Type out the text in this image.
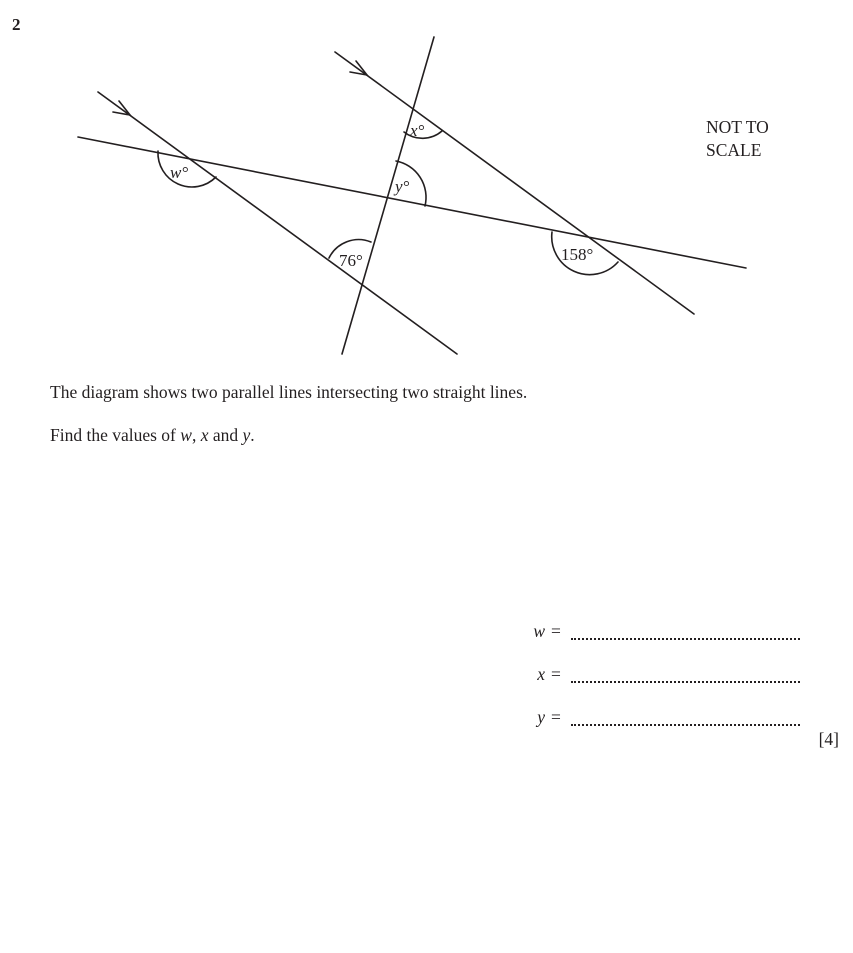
2
w°
x°
y°
76°	158°
NOT TO
SCALE

The diagram shows two parallel lines intersecting two straight lines.

Find the values of w, x and y.

w =
x =
y =
[4]
